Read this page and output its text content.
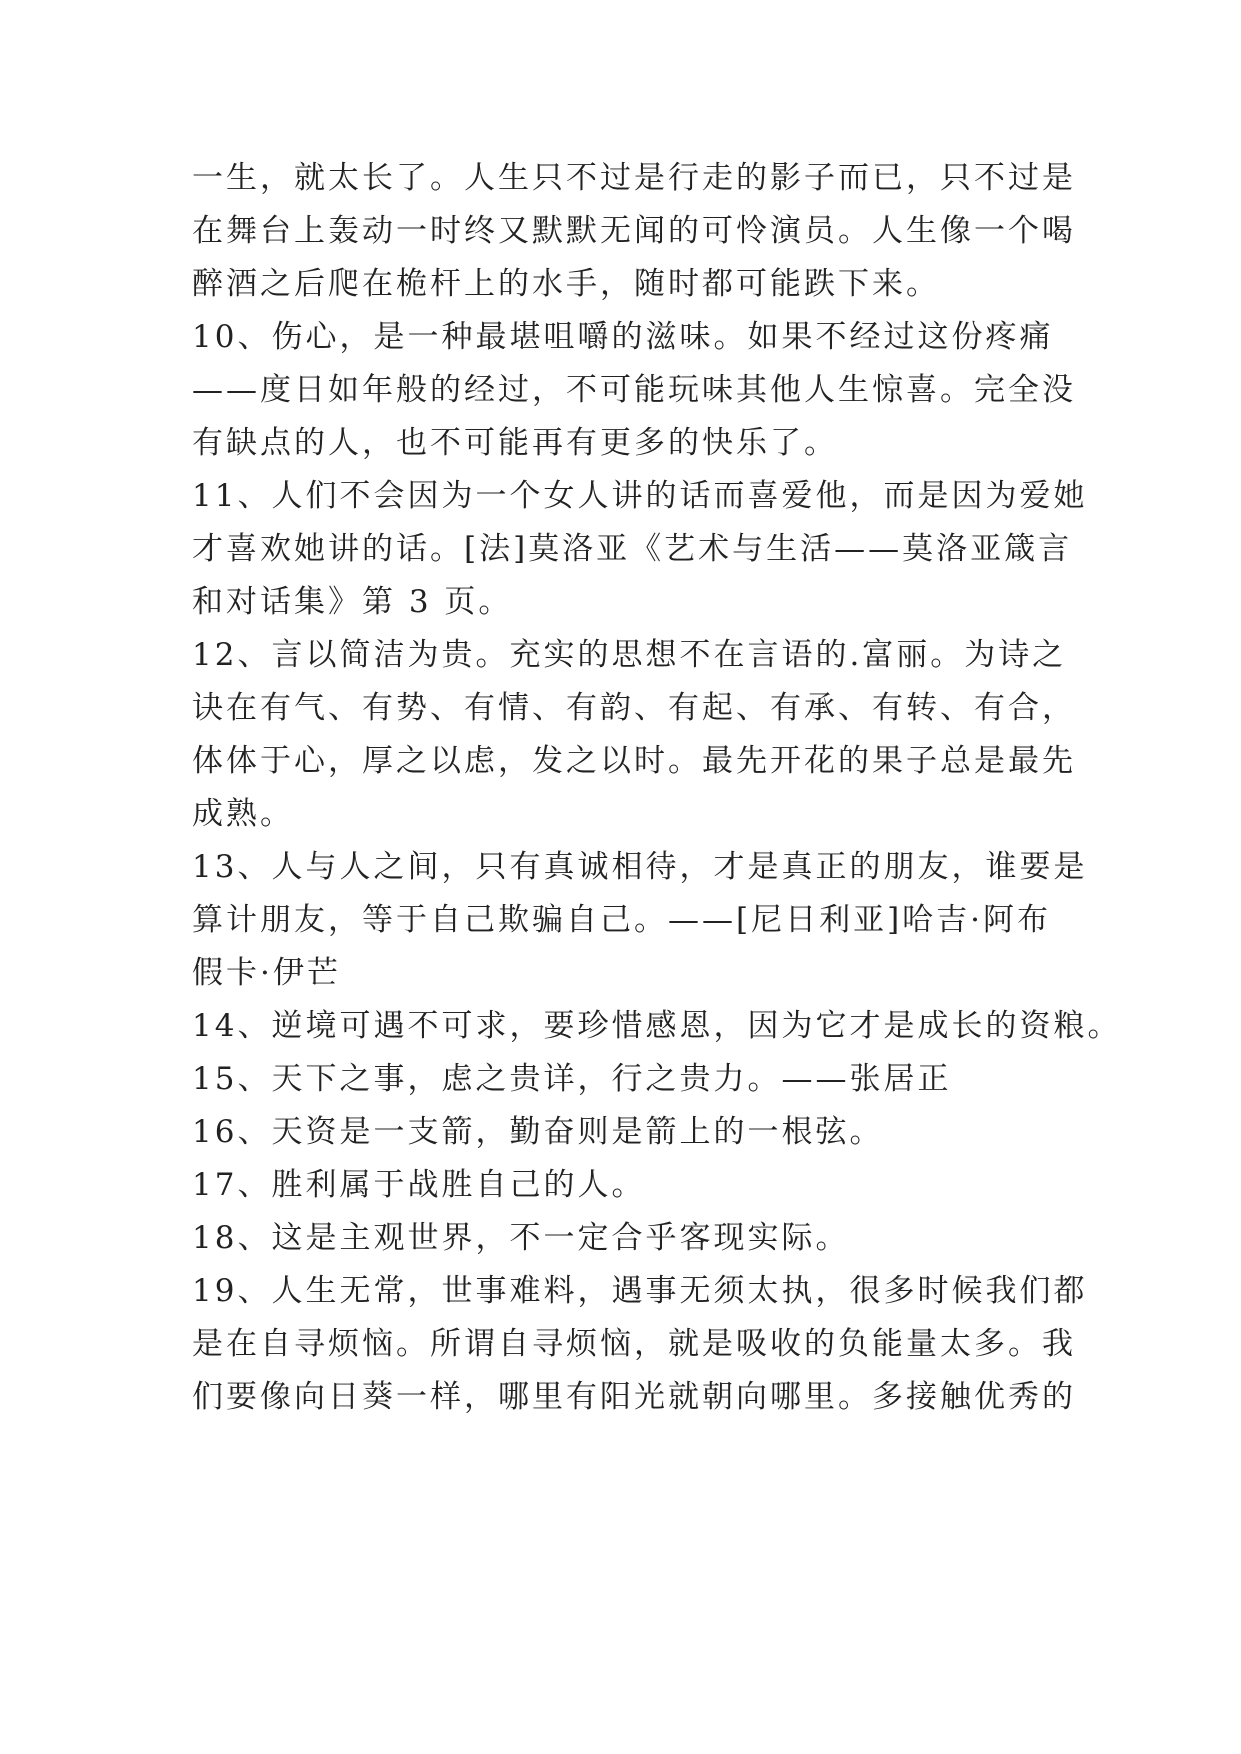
一生，就太长了。人生只不过是行走的影子而已，只不过是
在舞台上轰动一时终又默默无闻的可怜演员。人生像一个喝
醉酒之后爬在桅杆上的水手，随时都可能跌下来。
10、伤心，是一种最堪咀嚼的滋味。如果不经过这份疼痛
——度日如年般的经过，不可能玩味其他人生惊喜。完全没
有缺点的人，也不可能再有更多的快乐了。
11、人们不会因为一个女人讲的话而喜爱他，而是因为爱她
才喜欢她讲的话。[法]莫洛亚《艺术与生活——莫洛亚箴言
和对话集》第 3 页。
12、言以简洁为贵。充实的思想不在言语的.富丽。为诗之
诀在有气、有势、有情、有韵、有起、有承、有转、有合，
体体于心，厚之以虑，发之以时。最先开花的果子总是最先
成熟。
13、人与人之间，只有真诚相待，才是真正的朋友，谁要是
算计朋友，等于自己欺骗自己。——[尼日利亚]哈吉·阿布
假卡·伊芒
14、逆境可遇不可求，要珍惜感恩，因为它才是成长的资粮。
15、天下之事，虑之贵详，行之贵力。——张居正
16、天资是一支箭，勤奋则是箭上的一根弦。
17、胜利属于战胜自己的人。
18、这是主观世界，不一定合乎客现实际。
19、人生无常，世事难料，遇事无须太执，很多时候我们都
是在自寻烦恼。所谓自寻烦恼，就是吸收的负能量太多。我
们要像向日葵一样，哪里有阳光就朝向哪里。多接触优秀的
